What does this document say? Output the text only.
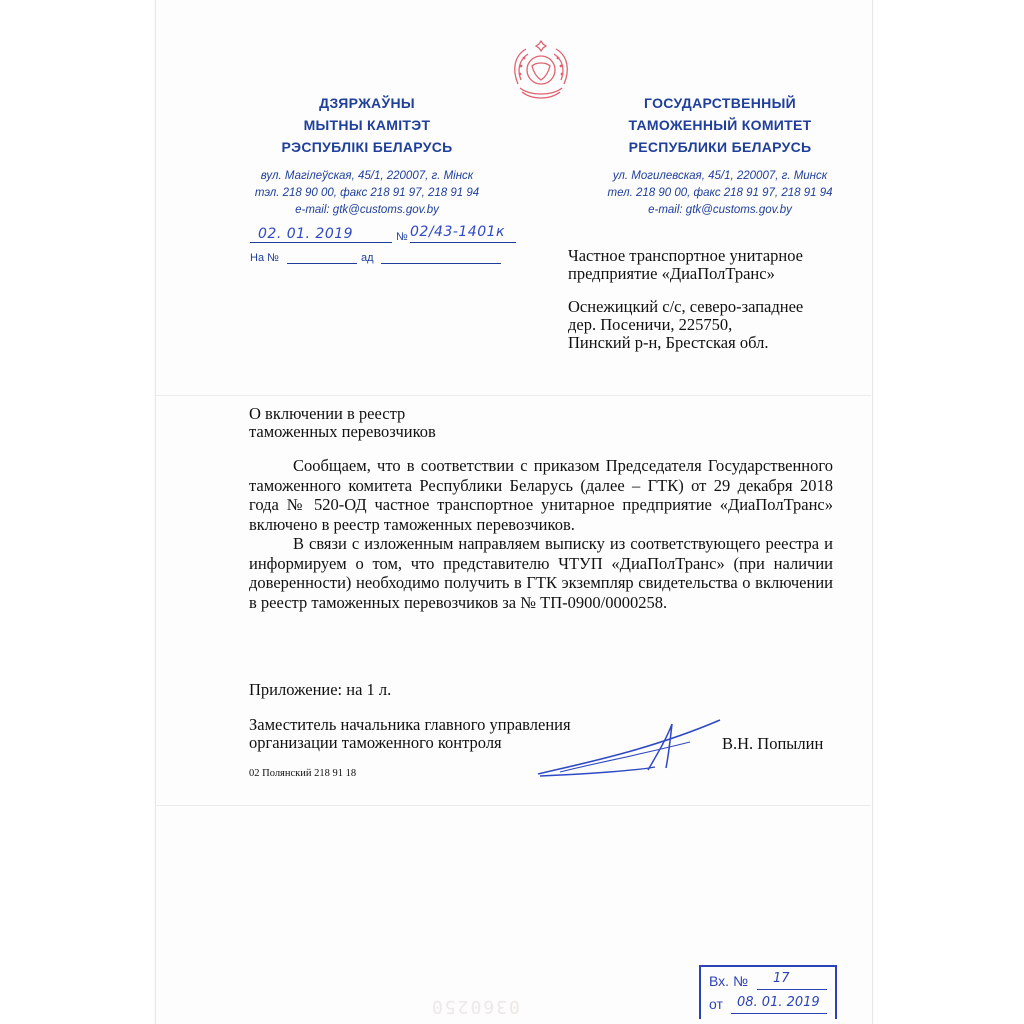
ДЗЯРЖАЎНЫ
МЫТНЫ КАМІТЭТ
РЭСПУБЛІКІ БЕЛАРУСЬ
вул. Магілеўская, 45/1, 220007, г. Мінск
тэл. 218 90 00, факс 218 91 97, 218 91 94
e-mail: gtk@customs.gov.by
ГОСУДАРСТВЕННЫЙ
ТАМОЖЕННЫЙ КОМИТЕТ
РЕСПУБЛИКИ БЕЛАРУСЬ
ул. Могилевская, 45/1, 220007, г. Минск
тел. 218 90 00, факс 218 91 97, 218 91 94
e-mail: gtk@customs.gov.by
02. 01. 2019	№ 02/43-1401к
На №	ад	Частное транспортное унитарное
предприятие «ДиаПолТранс»

Оснежицкий с/с, северо-западнее
дер. Посеничи, 225750,
Пинский р-н, Брестская обл.

О включении в реестр
таможенных перевозчиков

Сообщаем, что в соответствии с приказом Председателя Государственного таможенного комитета Республики Беларусь (далее – ГТК) от 29 декабря 2018 года № 520-ОД частное транспортное унитарное предприятие «ДиаПолТранс» включено в реестр таможенных перевозчиков.

В связи с изложенным направляем выписку из соответствующего реестра и информируем о том, что представителю ЧТУП «ДиаПолТранс» (при наличии доверенности) необходимо получить в ГТК экземпляр свидетельства о включении в реестр таможенных перевозчиков за № ТП-0900/0000258.

Приложение: на 1 л.
Заместитель начальника главного управления
организации таможенного контроля	В.Н. Попылин
02 Полянский 218 91 18
0360250
Вх. № 17
от 08. 01. 2019
